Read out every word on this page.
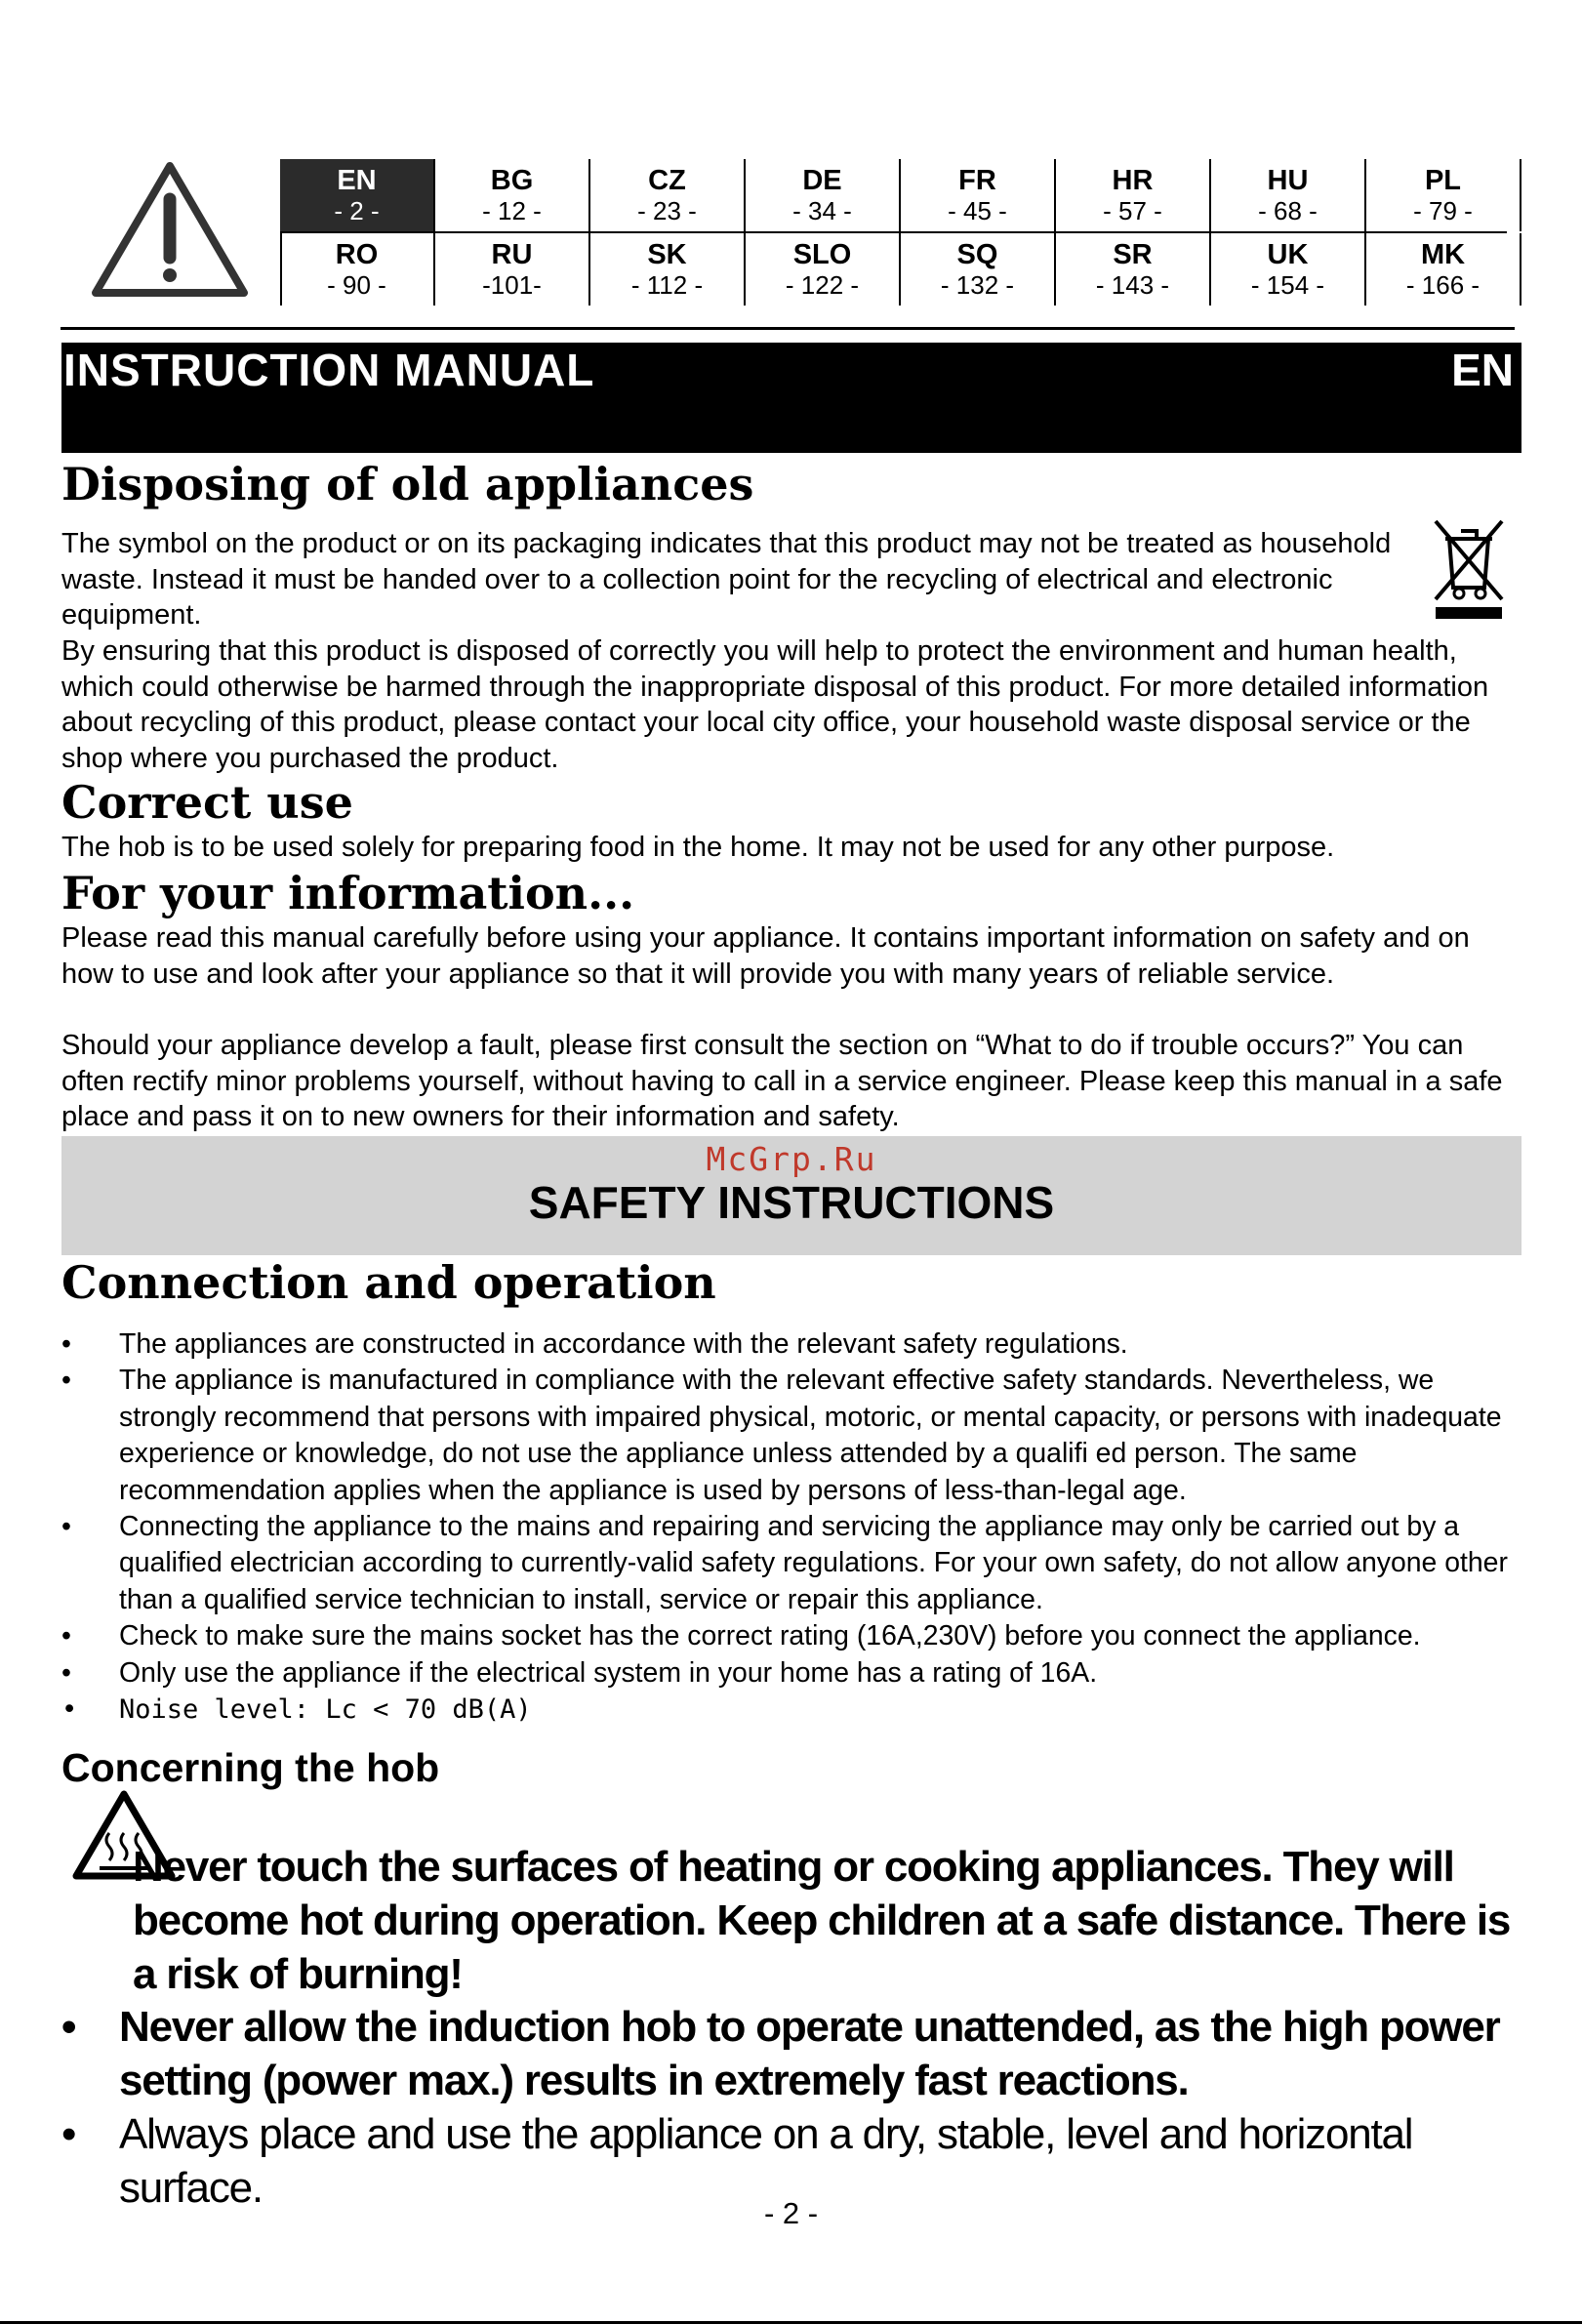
EN
- 2 -
BG
- 12 -
CZ
- 23 -
DE
- 34 -
FR
- 45 -
HR
- 57 -
HU
- 68 -
PL
- 79 -
RO
- 90 -
RU
-101-
SK
- 112 -
SLO
- 122 -
SQ
- 132 -
SR
- 143 -
UK
- 154 -
MK
- 166 -
INSTRUCTION MANUAL	EN
Disposing of old appliances
The symbol on the product or on its packaging indicates that this product may not be treated as household waste. Instead it must be handed over to a collection point for the recycling of electrical and electronic equipment.
By ensuring that this product is disposed of correctly you will help to protect the environment and human health, which could otherwise be harmed through the inappropriate disposal of this product. For more detailed information about recycling of this product, please contact your local city office, your household waste disposal service or the shop where you purchased the product.
Correct use
The hob is to be used solely for preparing food in the home. It may not be used for any other purpose.
For your information...
Please read this manual carefully before using your appliance. It contains important information on safety and on how to use and look after your appliance so that it will provide you with many years of reliable service.
Should your appliance develop a fault, please first consult the section on “What to do if trouble occurs?” You can often rectify minor problems yourself, without having to call in a service engineer. Please keep this manual in a safe place and pass it on to new owners for their information and safety.
McGrp.Ru
SAFETY INSTRUCTIONS
Connection and operation
• The appliances are constructed in accordance with the relevant safety regulations.
• The appliance is manufactured in compliance with the relevant effective safety standards. Nevertheless, we strongly recommend that persons with impaired physical, motoric, or mental capacity, or persons with inadequate experience or knowledge, do not use the appliance unless attended by a qualifi ed person. The same recommendation applies when the appliance is used by persons of less-than-legal age.
• Connecting the appliance to the mains and repairing and servicing the appliance may only be carried out by a qualified electrician according to currently-valid safety regulations. For your own safety, do not allow anyone other than a qualified service technician to install, service or repair this appliance.
• Check to make sure the mains socket has the correct rating (16A,230V) before you connect the appliance.
• Only use the appliance if the electrical system in your home has a rating of 16A.
• Noise level: Lc < 70 dB(A)
Concerning the hob
Never touch the surfaces of heating or cooking appliances. They will become hot during operation. Keep children at a safe distance. There is a risk of burning!
• Never allow the induction hob to operate unattended, as the high power setting (power max.) results in extremely fast reactions.
• Always place and use the appliance on a dry, stable, level and horizontal surface.
- 2 -
